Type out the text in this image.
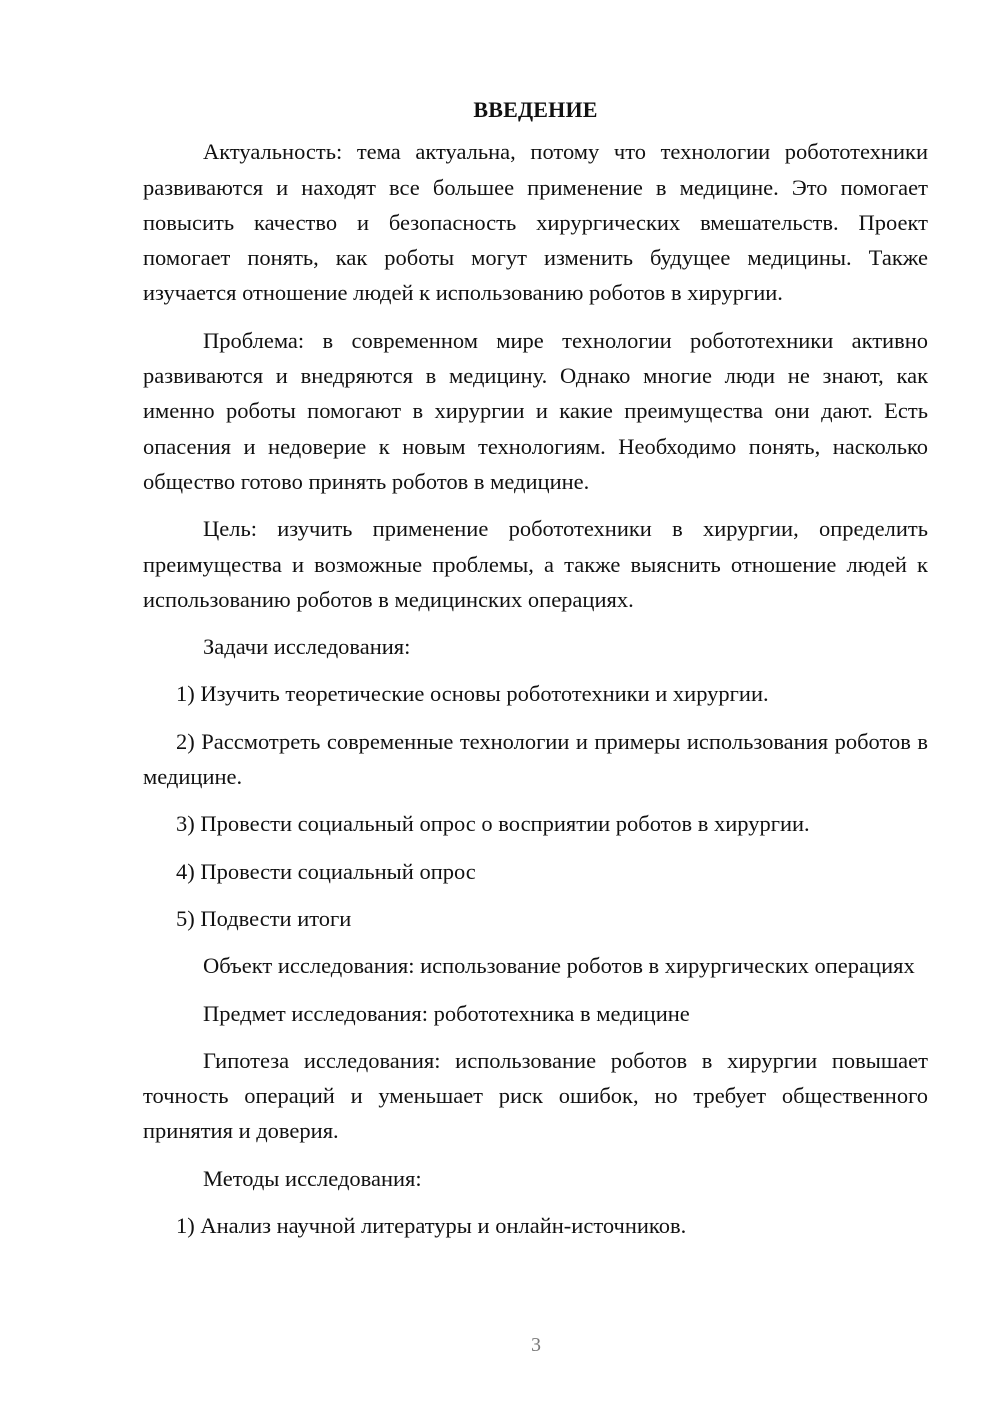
ВВЕДЕНИЕ

Актуальность: тема актуальна, потому что технологии робототехники развиваются и находят все большее применение в медицине. Это помогает повысить качество и безопасность хирургических вмешательств. Проект помогает понять, как роботы могут изменить будущее медицины. Также изучается отношение людей к использованию роботов в хирургии.

Проблема: в современном мире технологии робототехники активно развиваются и внедряются в медицину. Однако многие люди не знают, как именно роботы помогают в хирургии и какие преимущества они дают. Есть опасения и недоверие к новым технологиям. Необходимо понять, насколько общество готово принять роботов в медицине.

Цель: изучить применение робототехники в хирургии, определить преимущества и возможные проблемы, а также выяснить отношение людей к использованию роботов в медицинских операциях.

Задачи исследования:

1) Изучить теоретические основы робототехники и хирургии.

2) Рассмотреть современные технологии и примеры использования роботов в медицине.

3) Провести социальный опрос о восприятии роботов в хирургии.

4) Провести социальный опрос

5) Подвести итоги

Объект исследования: использование роботов в хирургических операциях

Предмет исследования: робототехника в медицине

Гипотеза исследования: использование роботов в хирургии повышает точность операций и уменьшает риск ошибок, но требует общественного принятия и доверия.

Методы исследования:

1) Анализ научной литературы и онлайн-источников.

3
